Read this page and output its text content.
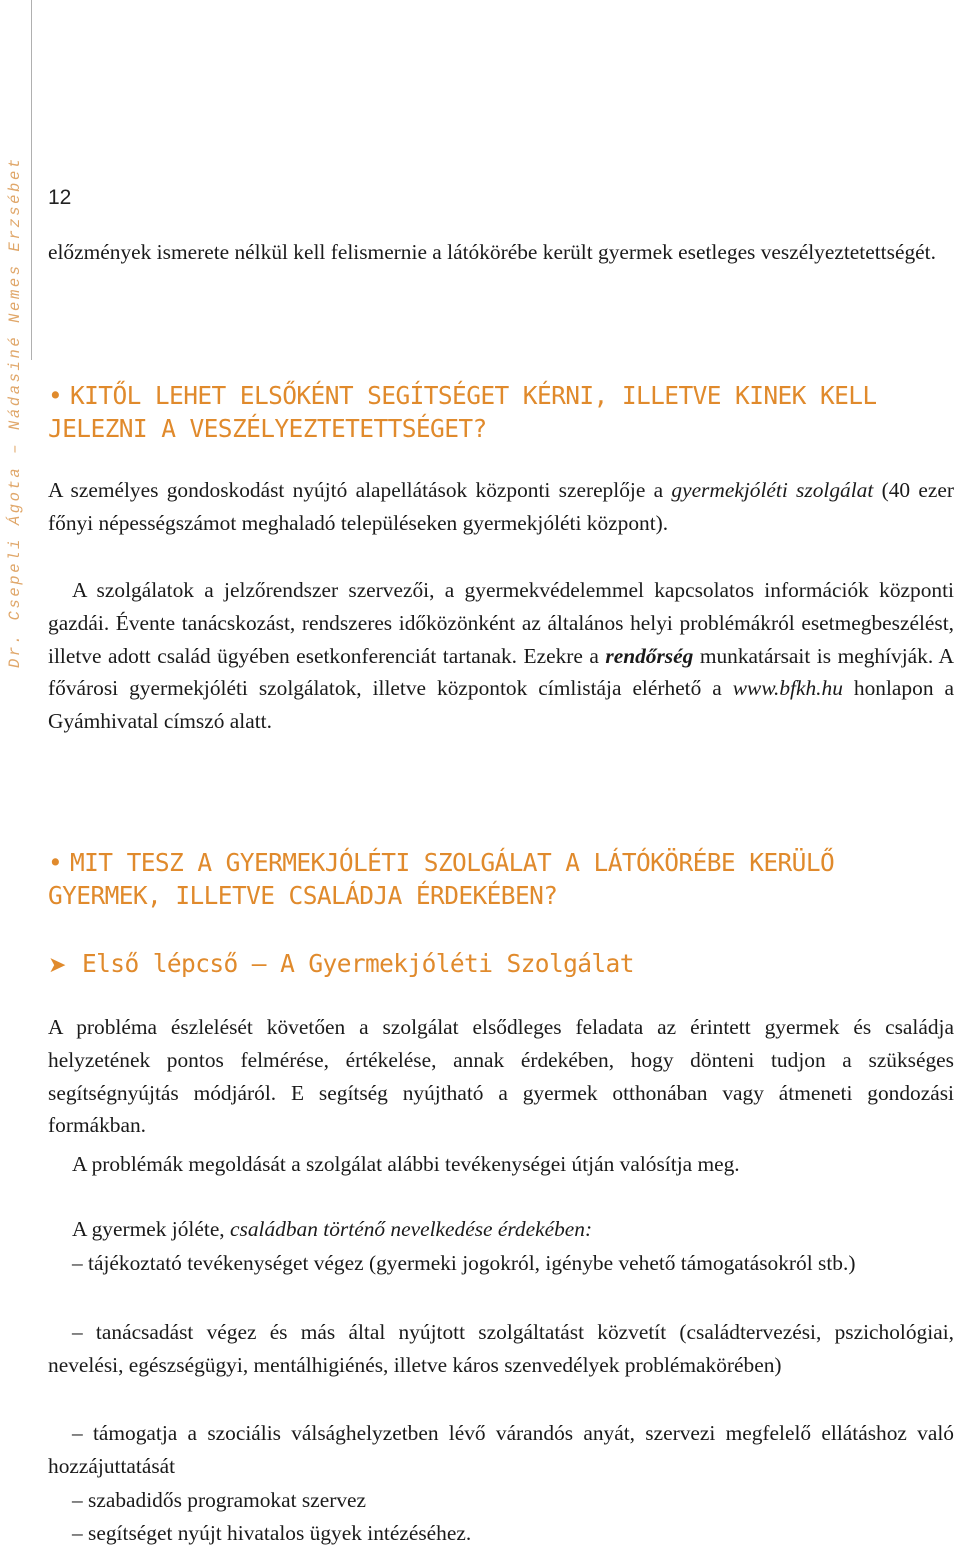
Dr. Csepeli Ágota – Nádasiné Nemes Erzsébet 12
előzmények ismerete nélkül kell felismernie a látókörébe került gyermek esetleges veszélyeztetettségét.
• KITŐL LEHET ELSŐKÉNT SEGÍTSÉGET KÉRNI, ILLETVE KINEK KELL JELEZNI A VESZÉLYEZTETETTSÉGET?
A személyes gondoskodást nyújtó alapellátások központi szereplője a gyermekjóléti szolgálat (40 ezer főnyi népességszámot meghaladó településeken gyermekjóléti központ).
A szolgálatok a jelzőrendszer szervezői, a gyermekvédelemmel kapcsolatos információk központi gazdái. Évente tanácskozást, rendszeres időközönként az általános helyi problémákról esetmegbeszélést, illetve adott család ügyében esetkonferenciát tartanak. Ezekre a rendőrség munkatársait is meghívják. A fővárosi gyermekjóléti szolgálatok, illetve központok címlistája elérhető a www.bfkh.hu honlapon a Gyámhivatal címszó alatt.
• MIT TESZ A GYERMEKJÓLÉTI SZOLGÁLAT A LÁTÓKÖRÉBE KERÜLŐ GYERMEK, ILLETVE CSALÁDJA ÉRDEKÉBEN?
➤ Első lépcső – A Gyermekjóléti Szolgálat
A probléma észlelését követően a szolgálat elsődleges feladata az érintett gyermek és családja helyzetének pontos felmérése, értékelése, annak érdekében, hogy dönteni tudjon a szükséges segítségnyújtás módjáról. E segítség nyújtható a gyermek otthonában vagy átmeneti gondozási formákban.
A problémák megoldását a szolgálat alábbi tevékenységei útján valósítja meg.
A gyermek jóléte, családban történő nevelkedése érdekében:
– tájékoztató tevékenységet végez (gyermeki jogokról, igénybe vehető támogatásokról stb.)
– tanácsadást végez és más által nyújtott szolgáltatást közvetít (családtervezési, pszichológiai, nevelési, egészségügyi, mentálhigiénés, illetve káros szenvedélyek problémakörében)
– támogatja a szociális válsághelyzetben lévő várandós anyát, szervezi megfelelő ellátáshoz való hozzájuttatását
– szabadidős programokat szervez
– segítséget nyújt hivatalos ügyek intézéséhez.
